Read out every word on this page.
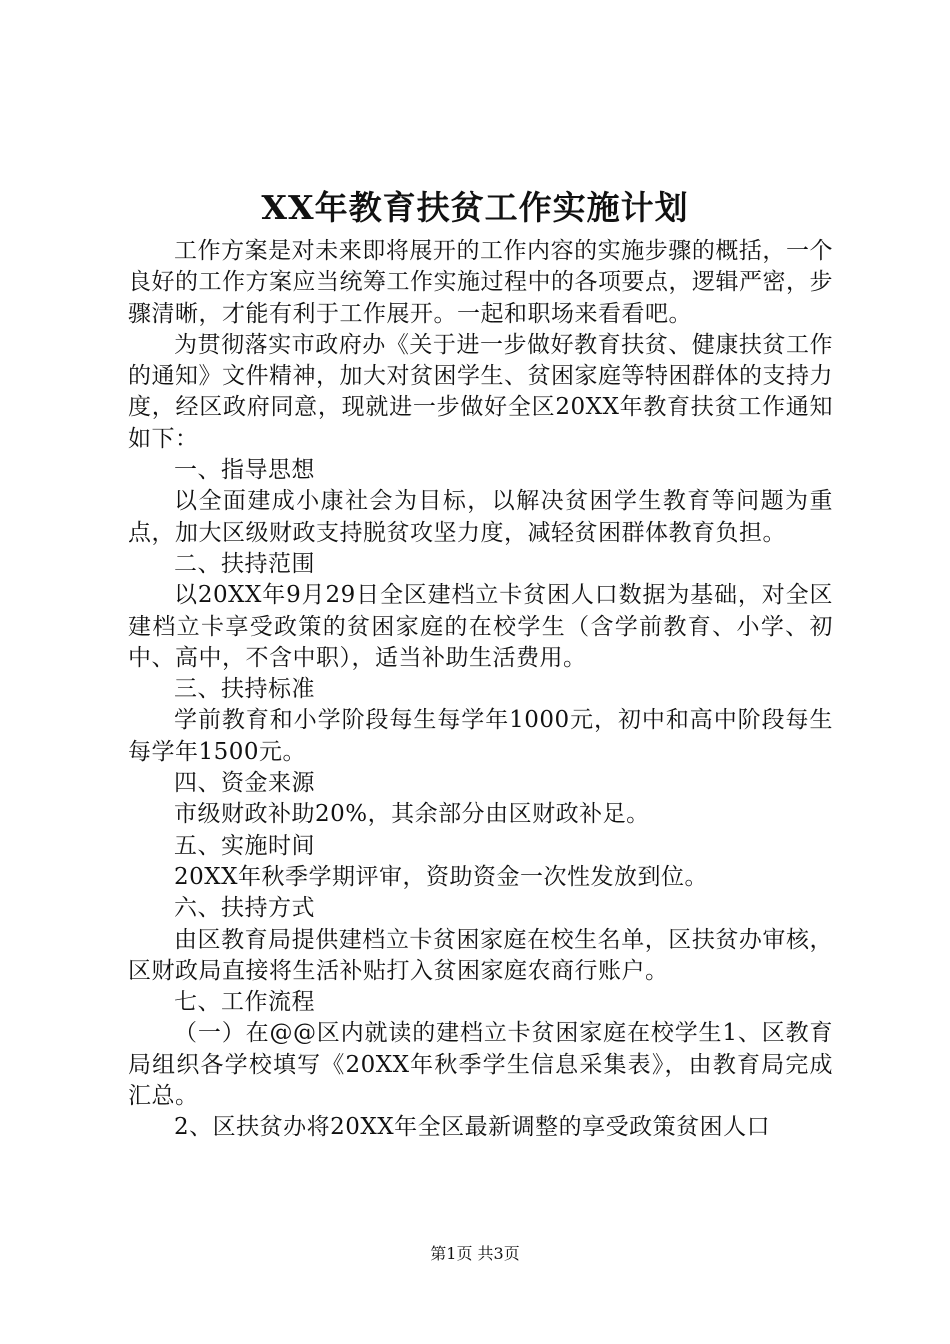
XX年教育扶贫工作实施计划

工作方案是对未来即将展开的工作内容的实施步骤的概括，一个良好的工作方案应当统筹工作实施过程中的各项要点，逻辑严密，步骤清晰，才能有利于工作展开。一起和职场来看看吧。

为贯彻落实市政府办《关于进一步做好教育扶贫、健康扶贫工作的通知》文件精神，加大对贫困学生、贫困家庭等特困群体的支持力度，经区政府同意，现就进一步做好全区20XX年教育扶贫工作通知如下：

一、指导思想

以全面建成小康社会为目标，以解决贫困学生教育等问题为重点，加大区级财政支持脱贫攻坚力度，减轻贫困群体教育负担。

二、扶持范围

以20XX年9月29日全区建档立卡贫困人口数据为基础，对全区建档立卡享受政策的贫困家庭的在校学生（含学前教育、小学、初中、高中，不含中职），适当补助生活费用。

三、扶持标准

学前教育和小学阶段每生每学年1000元，初中和高中阶段每生每学年1500元。

四、资金来源

市级财政补助20%，其余部分由区财政补足。

五、实施时间

20XX年秋季学期评审，资助资金一次性发放到位。

六、扶持方式

由区教育局提供建档立卡贫困家庭在校生名单，区扶贫办审核，区财政局直接将生活补贴打入贫困家庭农商行账户。

七、工作流程

（一）在@@区内就读的建档立卡贫困家庭在校学生1、区教育局组织各学校填写《20XX年秋季学生信息采集表》，由教育局完成汇总。

2、区扶贫办将20XX年全区最新调整的享受政策贫困人口

第1页 共3页
